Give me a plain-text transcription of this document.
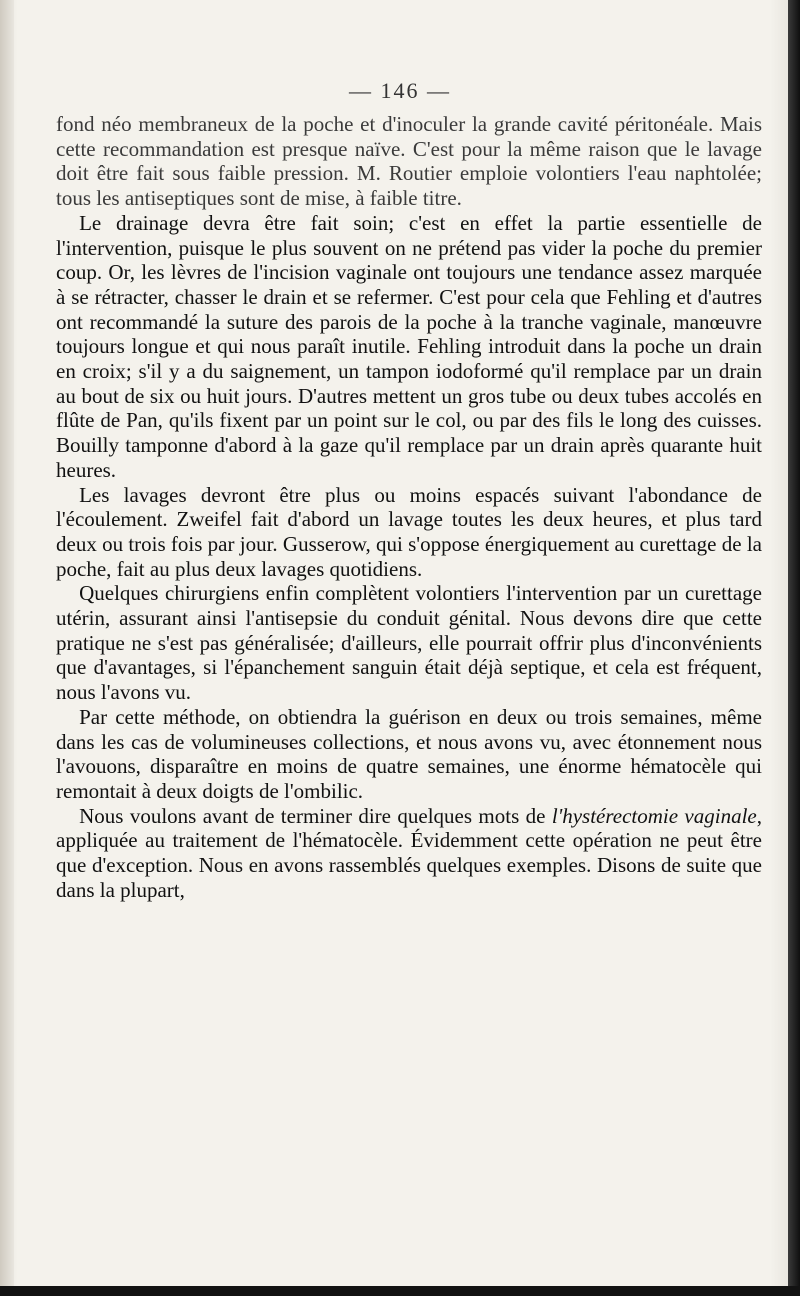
— 146 —

fond néo membraneux de la poche et d'inoculer la grande cavité péritonéale. Mais cette recommandation est presque naïve. C'est pour la même raison que le lavage doit être fait sous faible pression. M. Routier emploie volontiers l'eau naphtolée; tous les antiseptiques sont de mise, à faible titre.

Le drainage devra être fait soin; c'est en effet la partie essentielle de l'intervention, puisque le plus souvent on ne prétend pas vider la poche du premier coup. Or, les lèvres de l'incision vaginale ont toujours une tendance assez marquée à se rétracter, chasser le drain et se refermer. C'est pour cela que Fehling et d'autres ont recommandé la suture des parois de la poche à la tranche vaginale, manœuvre toujours longue et qui nous paraît inutile. Fehling introduit dans la poche un drain en croix; s'il y a du saignement, un tampon iodoformé qu'il remplace par un drain au bout de six ou huit jours. D'autres mettent un gros tube ou deux tubes accolés en flûte de Pan, qu'ils fixent par un point sur le col, ou par des fils le long des cuisses. Bouilly tamponne d'abord à la gaze qu'il remplace par un drain après quarante huit heures.

Les lavages devront être plus ou moins espacés suivant l'abondance de l'écoulement. Zweifel fait d'abord un lavage toutes les deux heures, et plus tard deux ou trois fois par jour. Gusserow, qui s'oppose énergiquement au curettage de la poche, fait au plus deux lavages quotidiens.

Quelques chirurgiens enfin complètent volontiers l'intervention par un curettage utérin, assurant ainsi l'antisepsie du conduit génital. Nous devons dire que cette pratique ne s'est pas généralisée; d'ailleurs, elle pourrait offrir plus d'inconvénients que d'avantages, si l'épanchement sanguin était déjà septique, et cela est fréquent, nous l'avons vu.

Par cette méthode, on obtiendra la guérison en deux ou trois semaines, même dans les cas de volumineuses collections, et nous avons vu, avec étonnement nous l'avouons, disparaître en moins de quatre semaines, une énorme hématocèle qui remontait à deux doigts de l'ombilic.

Nous voulons avant de terminer dire quelques mots de l'hystérectomie vaginale, appliquée au traitement de l'hématocèle. Évidemment cette opération ne peut être que d'exception. Nous en avons rassemblés quelques exemples. Disons de suite que dans la plupart,
